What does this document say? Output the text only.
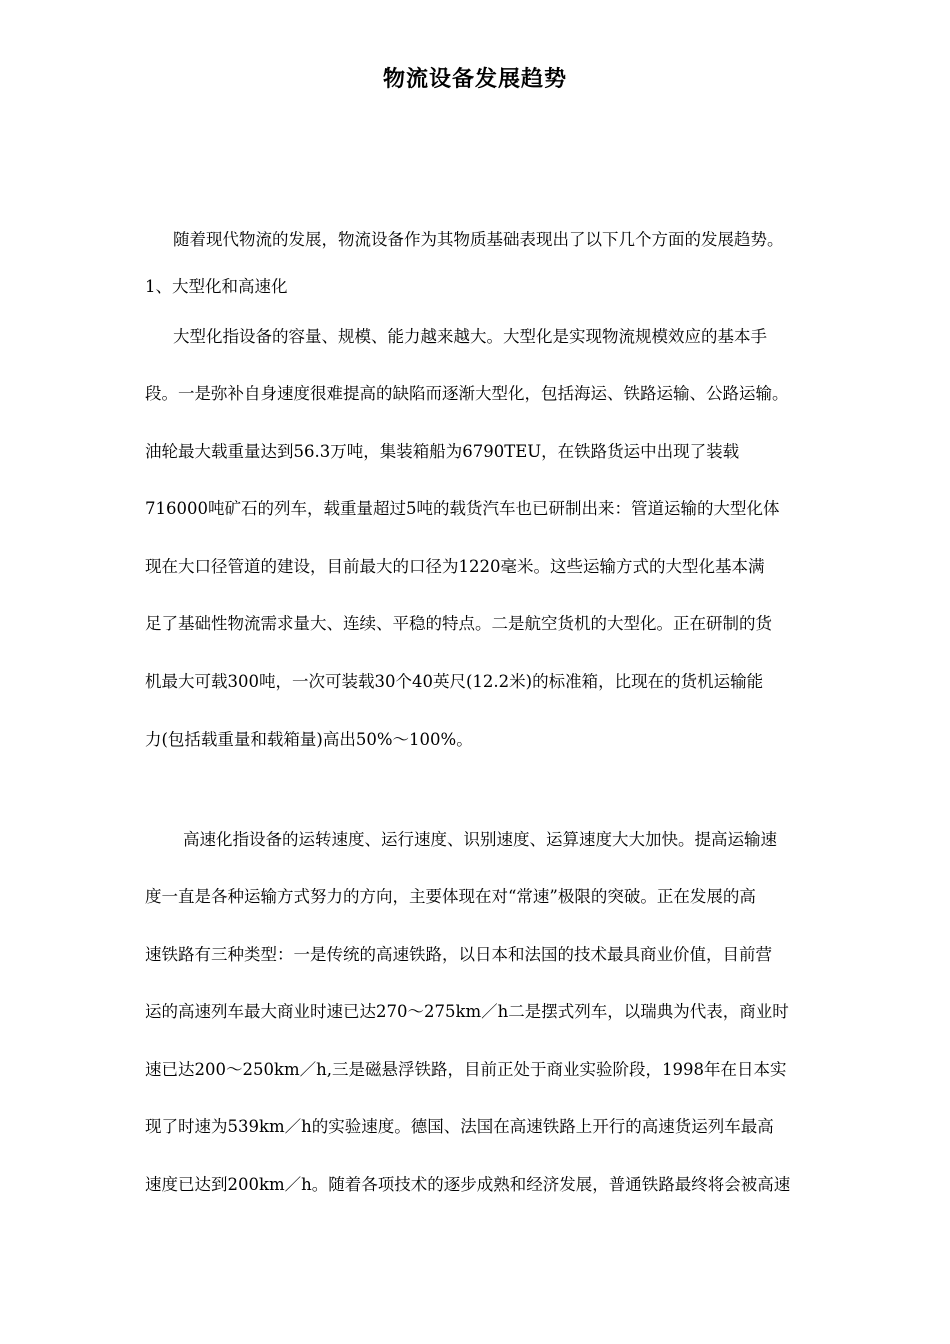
物流设备发展趋势

随着现代物流的发展，物流设备作为其物质基础表现出了以下几个方面的发展趋势。

1、大型化和高速化

大型化指设备的容量、规模、能力越来越大。大型化是实现物流规模效应的基本手

段。一是弥补自身速度很难提高的缺陷而逐渐大型化，包括海运、铁路运输、公路运输。

油轮最大载重量达到56.3万吨，集装箱船为6790TEU，在铁路货运中出现了装载

716000吨矿石的列车，载重量超过5吨的载货汽车也已研制出来：管道运输的大型化体

现在大口径管道的建设，目前最大的口径为1220毫米。这些运输方式的大型化基本满

足了基础性物流需求量大、连续、平稳的特点。二是航空货机的大型化。正在研制的货

机最大可载300吨，一次可装载30个40英尺(12.2米)的标准箱，比现在的货机运输能

力(包括载重量和载箱量)高出50%～100%。

高速化指设备的运转速度、运行速度、识别速度、运算速度大大加快。提高运输速

度一直是各种运输方式努力的方向，主要体现在对“常速”极限的突破。正在发展的高

速铁路有三种类型：一是传统的高速铁路，以日本和法国的技术最具商业价值，目前营

运的高速列车最大商业时速已达270～275km／h二是摆式列车，以瑞典为代表，商业时

速已达200～250km／h,三是磁悬浮铁路，目前正处于商业实验阶段，1998年在日本实

现了时速为539km／h的实验速度。德国、法国在高速铁路上开行的高速货运列车最高

速度已达到200km／h。随着各项技术的逐步成熟和经济发展，普通铁路最终将会被高速
